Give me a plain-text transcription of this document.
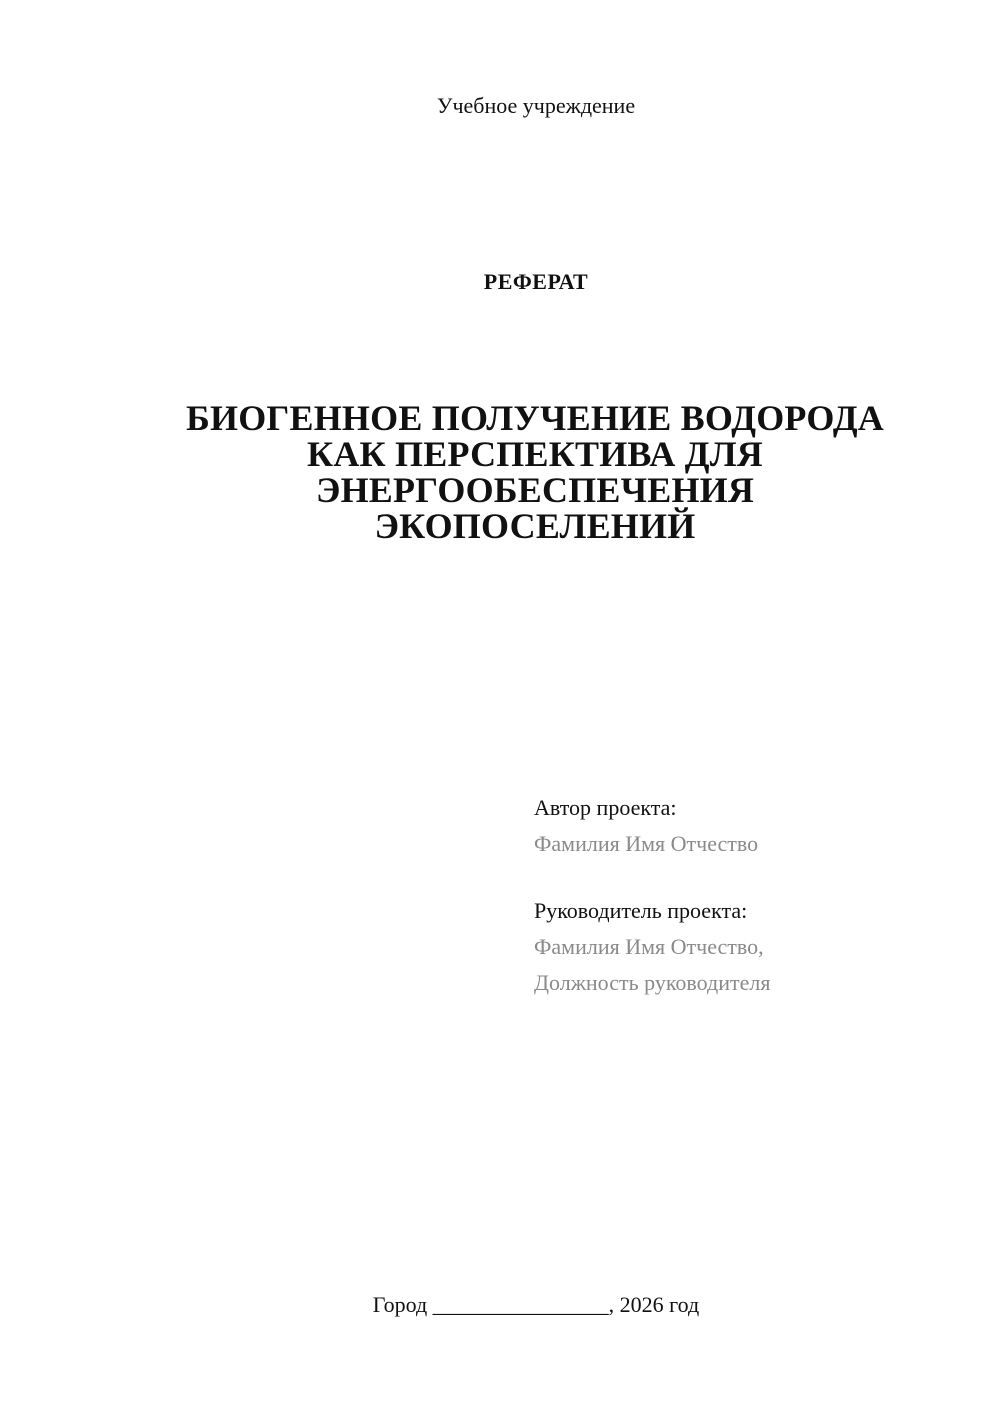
Учебное учреждение
РЕФЕРАТ
БИОГЕННОЕ ПОЛУЧЕНИЕ ВОДОРОДА
КАК ПЕРСПЕКТИВА ДЛЯ
ЭНЕРГООБЕСПЕЧЕНИЯ
ЭКОПОСЕЛЕНИЙ
Автор проекта:
Фамилия Имя Отчество
Руководитель проекта:
Фамилия Имя Отчество,
Должность руководителя
Город ________________, 2026 год
